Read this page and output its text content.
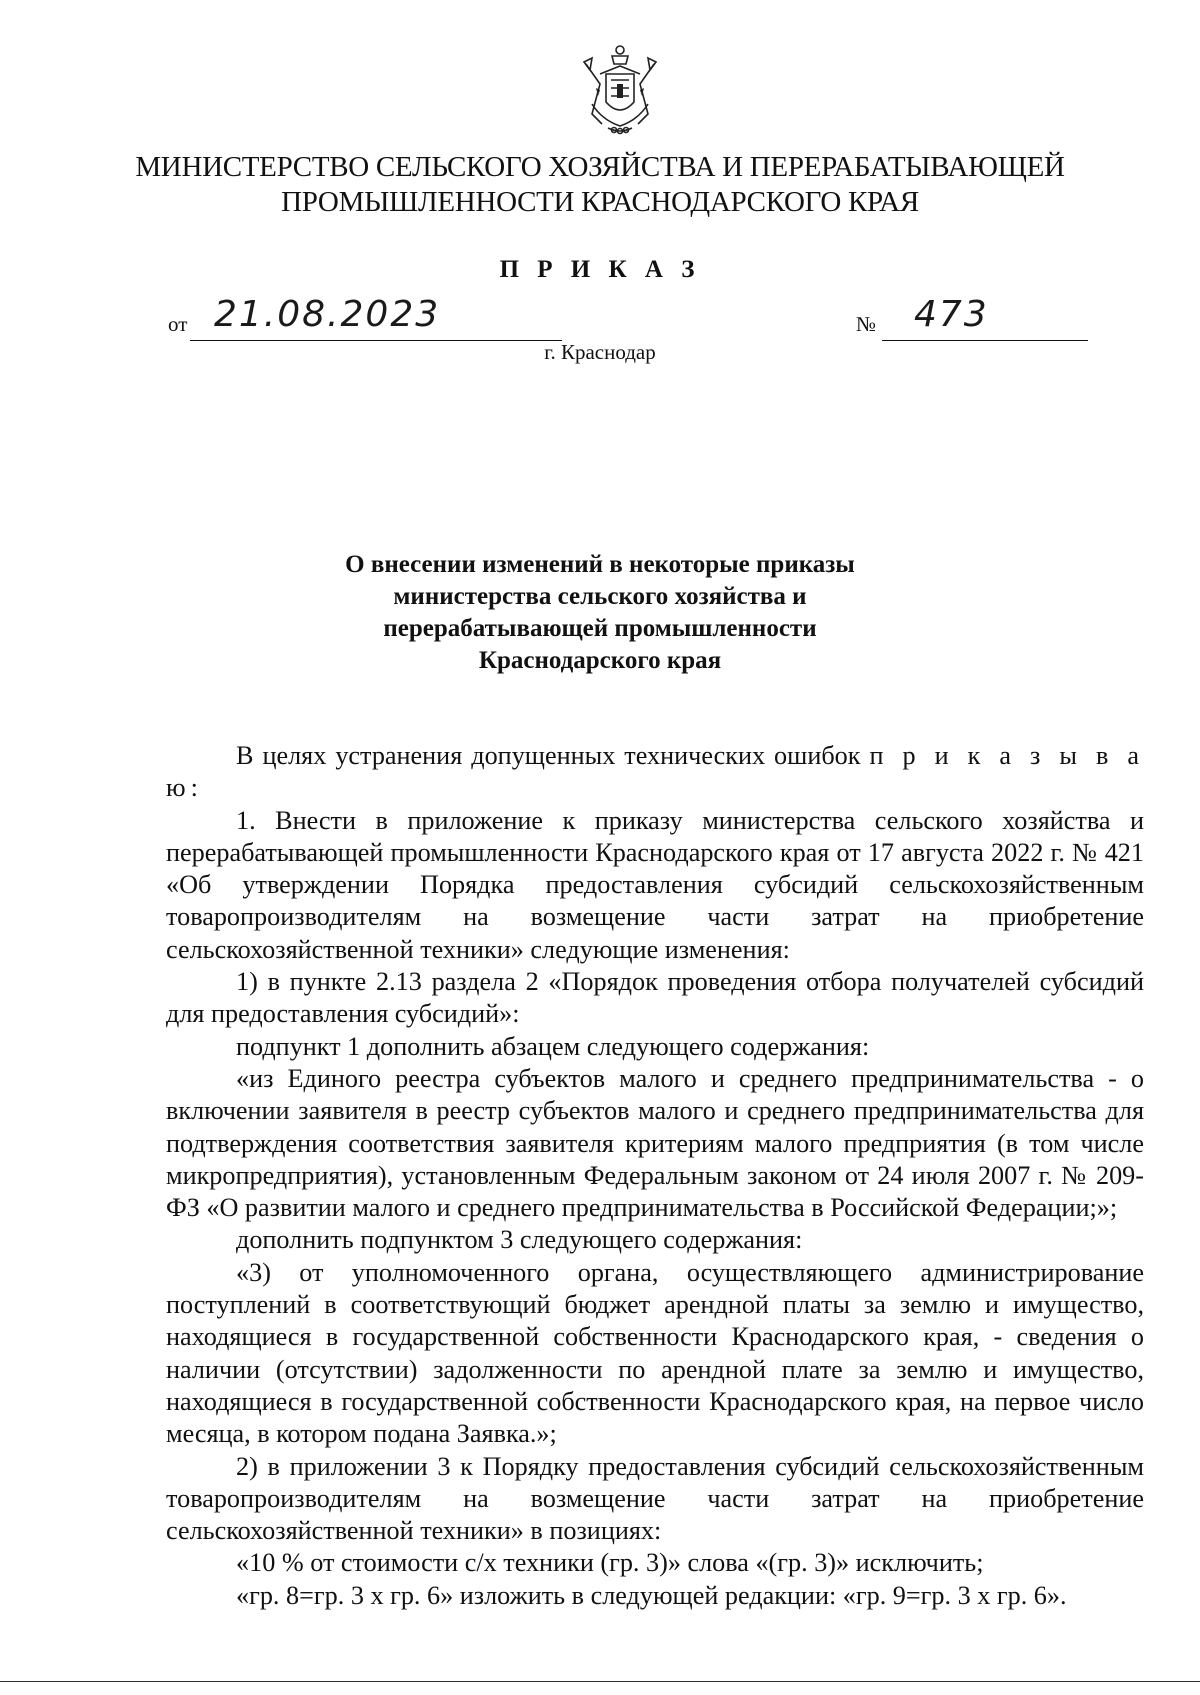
МИНИСТЕРСТВО СЕЛЬСКОГО ХОЗЯЙСТВА И ПЕРЕРАБАТЫВАЮЩЕЙ
ПРОМЫШЛЕННОСТИ КРАСНОДАРСКОГО КРАЯ
П Р И К А З
от 21.08.2023	№ 473
г. Краснодар
О внесении изменений в некоторые приказы
министерства сельского хозяйства и
перерабатывающей промышленности
Краснодарского края

В целях устранения допущенных технических ошибок п р и к а з ы в а ю:

1. Внести в приложение к приказу министерства сельского хозяйства и перерабатывающей промышленности Краснодарского края от 17 августа 2022 г. № 421 «Об утверждении Порядка предоставления субсидий сельскохозяйственным товаропроизводителям на возмещение части затрат на приобретение сельскохозяйственной техники» следующие изменения:

1) в пункте 2.13 раздела 2 «Порядок проведения отбора получателей субсидий для предоставления субсидий»:

подпункт 1 дополнить абзацем следующего содержания:

«из Единого реестра субъектов малого и среднего предпринимательства - о включении заявителя в реестр субъектов малого и среднего предпринимательства для подтверждения соответствия заявителя критериям малого предприятия (в том числе микропредприятия), установленным Федеральным законом от 24 июля 2007 г. № 209-ФЗ «О развитии малого и среднего предпринимательства в Российской Федерации;»;

дополнить подпунктом 3 следующего содержания:

«3) от уполномоченного органа, осуществляющего администрирование поступлений в соответствующий бюджет арендной платы за землю и имущество, находящиеся в государственной собственности Краснодарского края, - сведения о наличии (отсутствии) задолженности по арендной плате за землю и имущество, находящиеся в государственной собственности Краснодарского края, на первое число месяца, в котором подана Заявка.»;

2) в приложении 3 к Порядку предоставления субсидий сельскохозяйственным товаропроизводителям на возмещение части затрат на приобретение сельскохозяйственной техники» в позициях:

«10 % от стоимости с/х техники (гр. 3)» слова «(гр. 3)» исключить;

«гр. 8=гр. 3 х гр. 6» изложить в следующей редакции: «гр. 9=гр. 3 х гр. 6».
